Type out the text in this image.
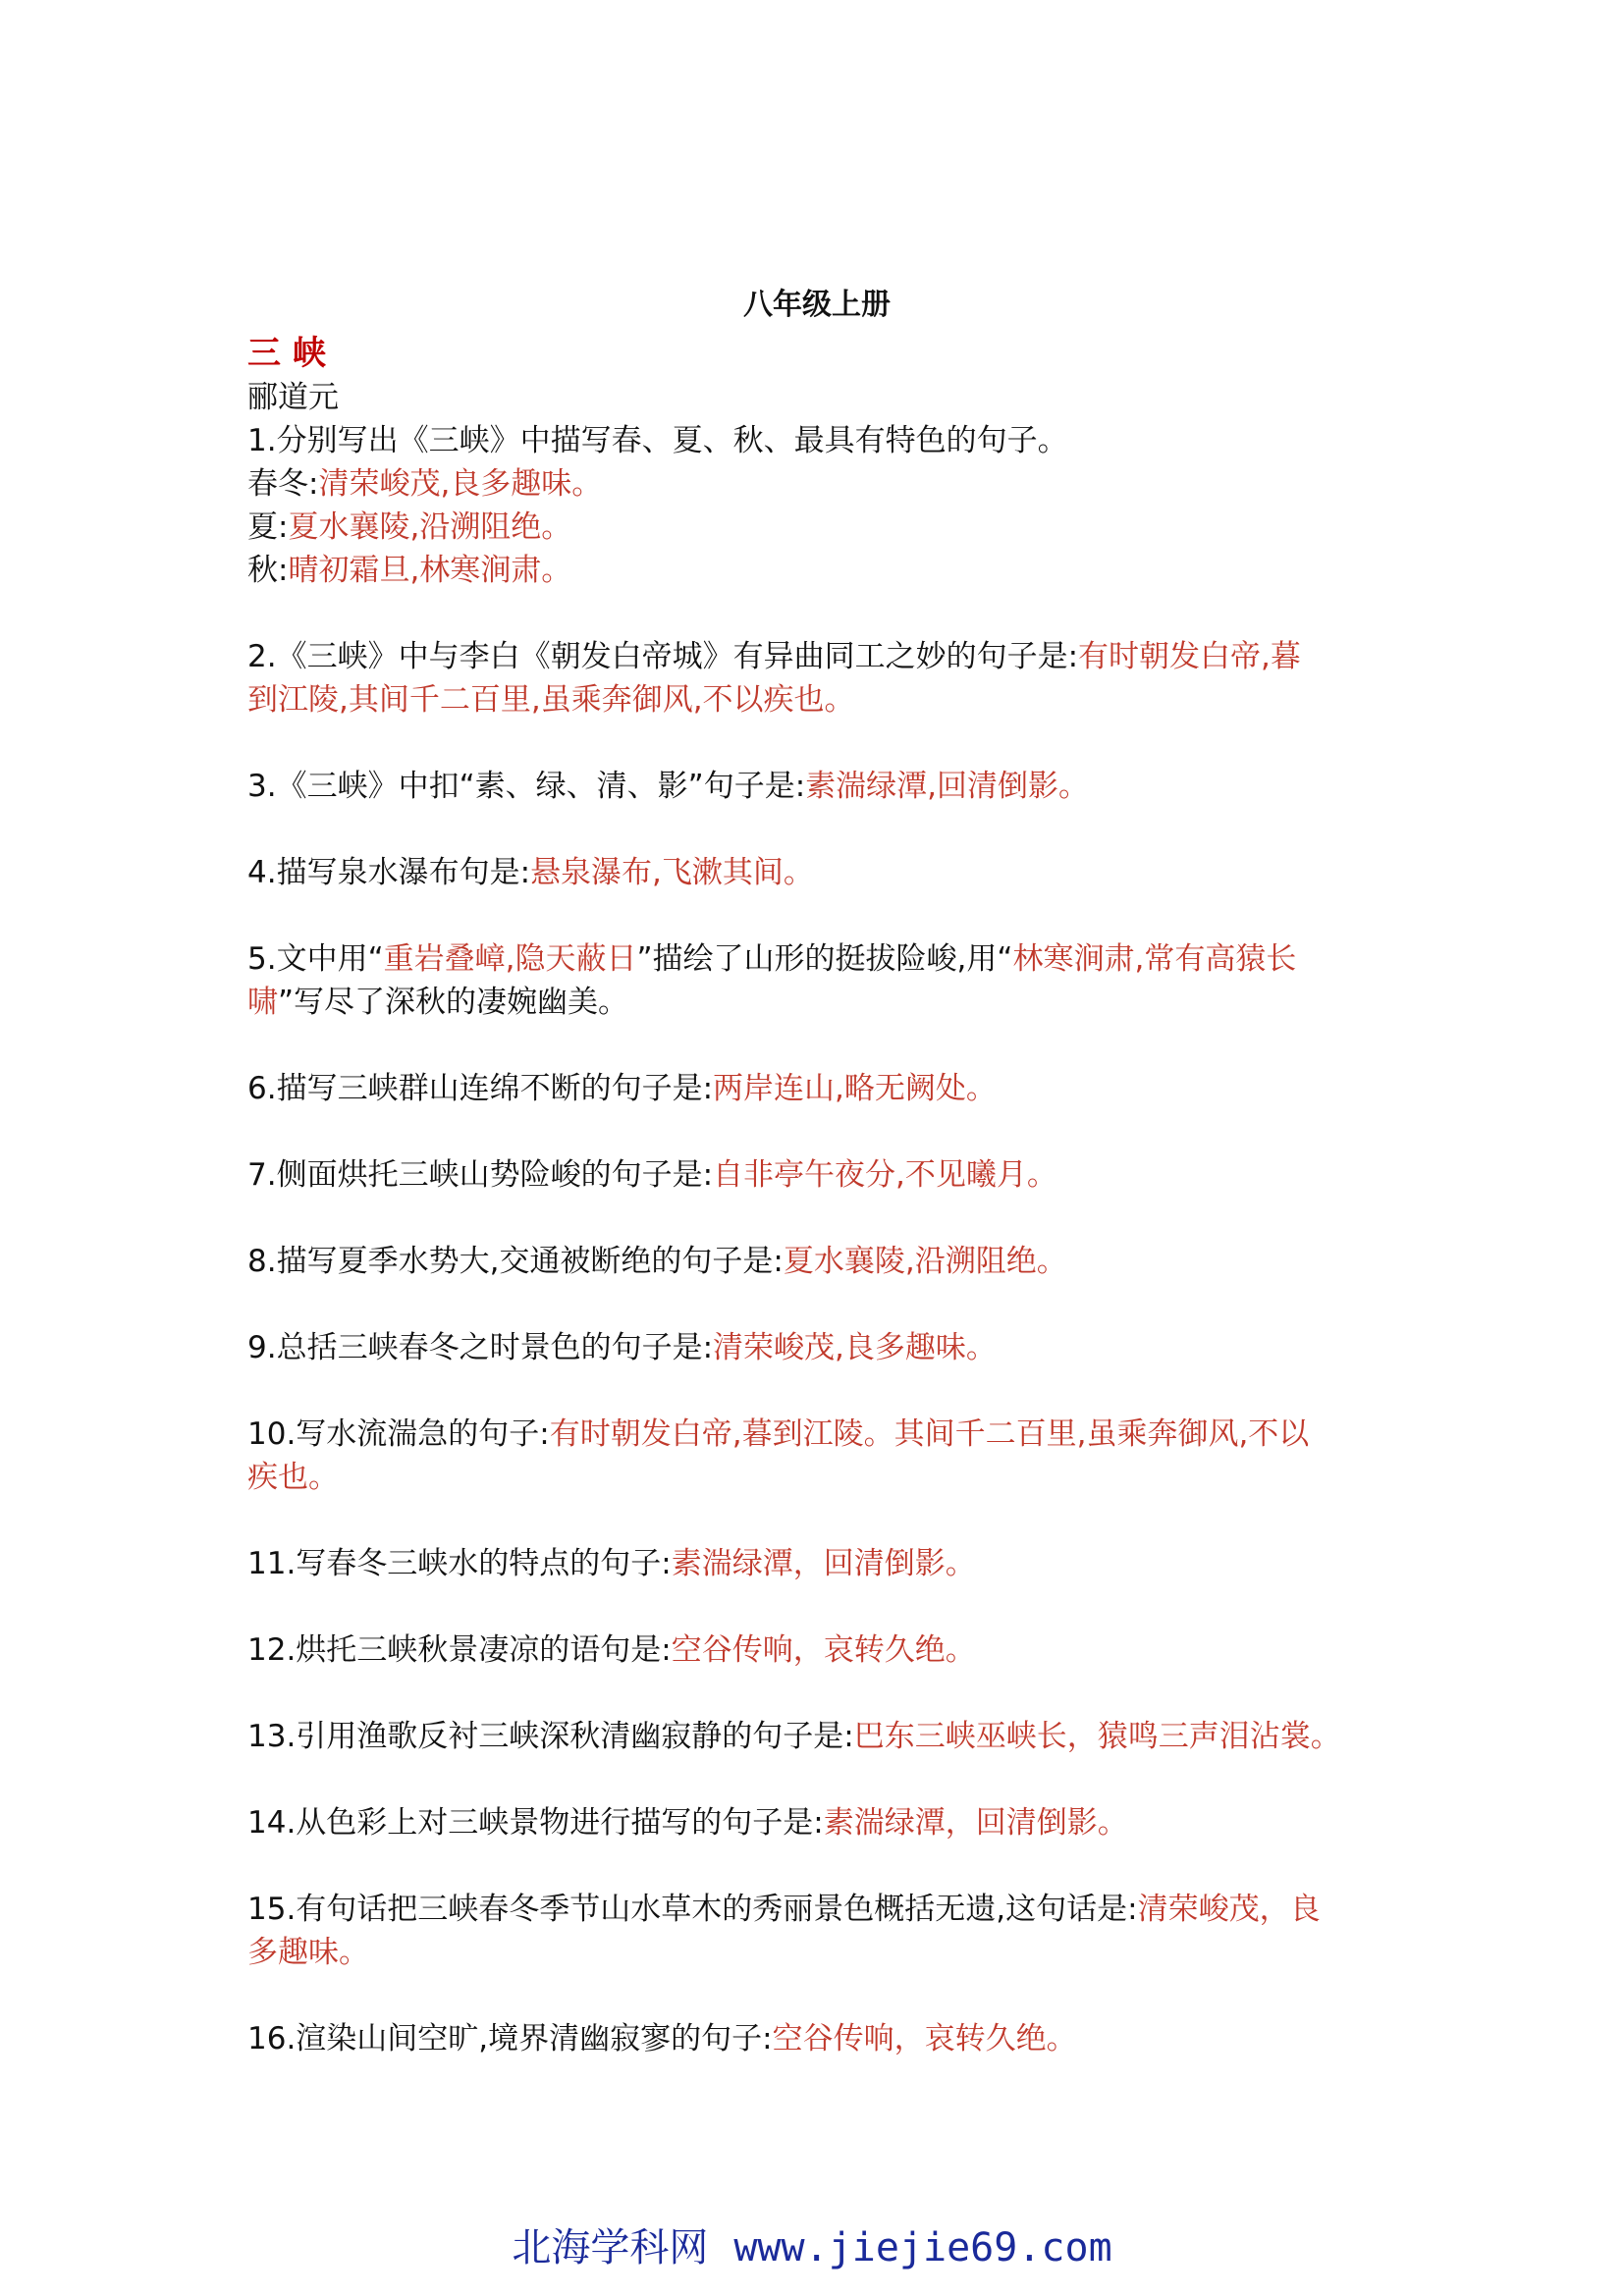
八年级上册

三峡

郦道元

1.分别写出《三峡》中描写春、夏、秋、最具有特色的句子。

春冬:清荣峻茂,良多趣味。

夏:夏水襄陵,沿溯阻绝。

秋:晴初霜旦,林寒涧肃。

2.《三峡》中与李白《朝发白帝城》有异曲同工之妙的句子是:有时朝发白帝,暮

到江陵,其间千二百里,虽乘奔御风,不以疾也。

3.《三峡》中扣“素、绿、清、影”句子是:素湍绿潭,回清倒影。

4.描写泉水瀑布句是:悬泉瀑布,飞漱其间。

5.文中用“重岩叠嶂,隐天蔽日”描绘了山形的挺拔险峻,用“林寒涧肃,常有高猿长

啸”写尽了深秋的凄婉幽美。

6.描写三峡群山连绵不断的句子是:两岸连山,略无阙处。

7.侧面烘托三峡山势险峻的句子是:自非亭午夜分,不见曦月。

8.描写夏季水势大,交通被断绝的句子是:夏水襄陵,沿溯阻绝。

9.总括三峡春冬之时景色的句子是:清荣峻茂,良多趣味。

10.写水流湍急的句子:有时朝发白帝,暮到江陵。其间千二百里,虽乘奔御风,不以

疾也。

11.写春冬三峡水的特点的句子:素湍绿潭，回清倒影。

12.烘托三峡秋景凄凉的语句是:空谷传响，哀转久绝。

13.引用渔歌反衬三峡深秋清幽寂静的句子是:巴东三峡巫峡长，猿鸣三声泪沾裳。

14.从色彩上对三峡景物进行描写的句子是:素湍绿潭，回清倒影。

15.有句话把三峡春冬季节山水草木的秀丽景色概括无遗,这句话是:清荣峻茂，良

多趣味。

16.渲染山间空旷,境界清幽寂寥的句子:空谷传响，哀转久绝。

北海学科网 www.jiejie69.com
